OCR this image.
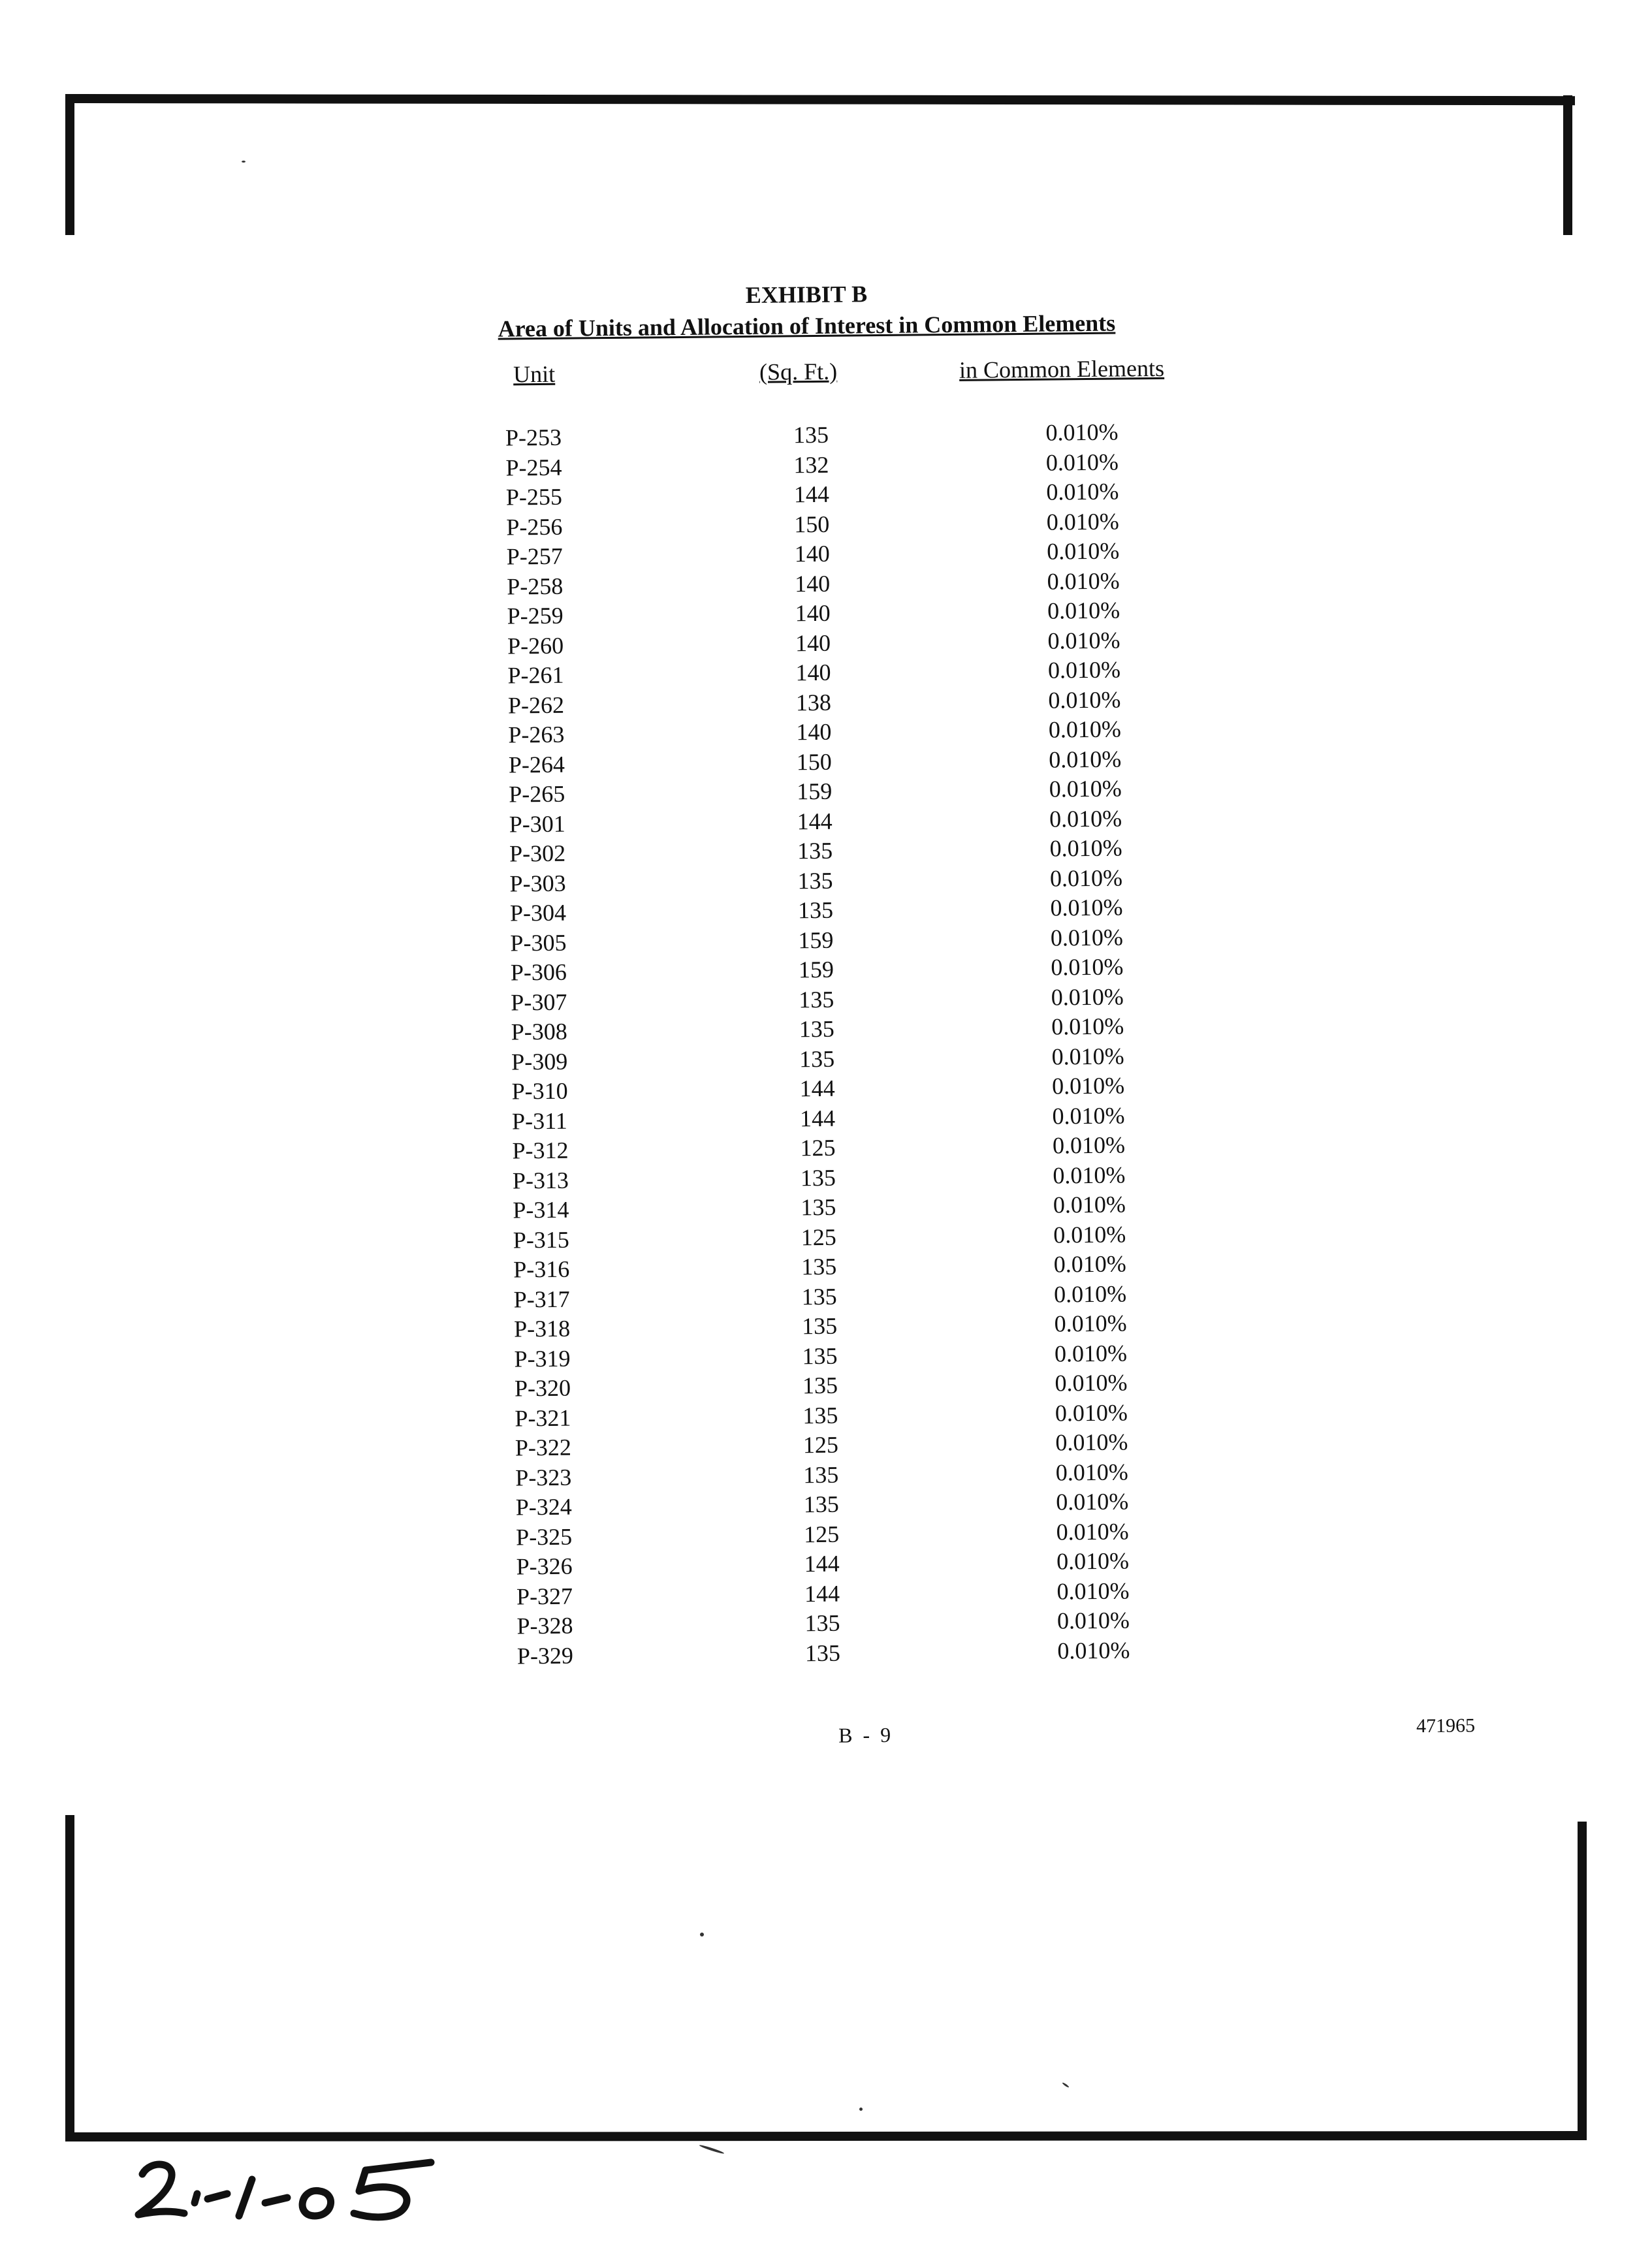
EXHIBIT B
Area of Units and Allocation of Interest in Common Elements
Unit	(Sq. Ft.)	in Common Elements
P-253	135	0.010%
P-254	132	0.010%
P-255	144	0.010%
P-256	150	0.010%
P-257	140	0.010%
P-258	140	0.010%
P-259	140	0.010%
P-260	140	0.010%
P-261	140	0.010%
P-262	138	0.010%
P-263	140	0.010%
P-264	150	0.010%
P-265	159	0.010%
P-301	144	0.010%
P-302	135	0.010%
P-303	135	0.010%
P-304	135	0.010%
P-305	159	0.010%
P-306	159	0.010%
P-307	135	0.010%
P-308	135	0.010%
P-309	135	0.010%
P-310	144	0.010%
P-311	144	0.010%
P-312	125	0.010%
P-313	135	0.010%
P-314	135	0.010%
P-315	125	0.010%
P-316	135	0.010%
P-317	135	0.010%
P-318	135	0.010%
P-319	135	0.010%
P-320	135	0.010%
P-321	135	0.010%
P-322	125	0.010%
P-323	135	0.010%
P-324	135	0.010%
P-325	125	0.010%
P-326	144	0.010%
P-327	144	0.010%
P-328	135	0.010%
P-329	135	0.010%
B - 9	471965
